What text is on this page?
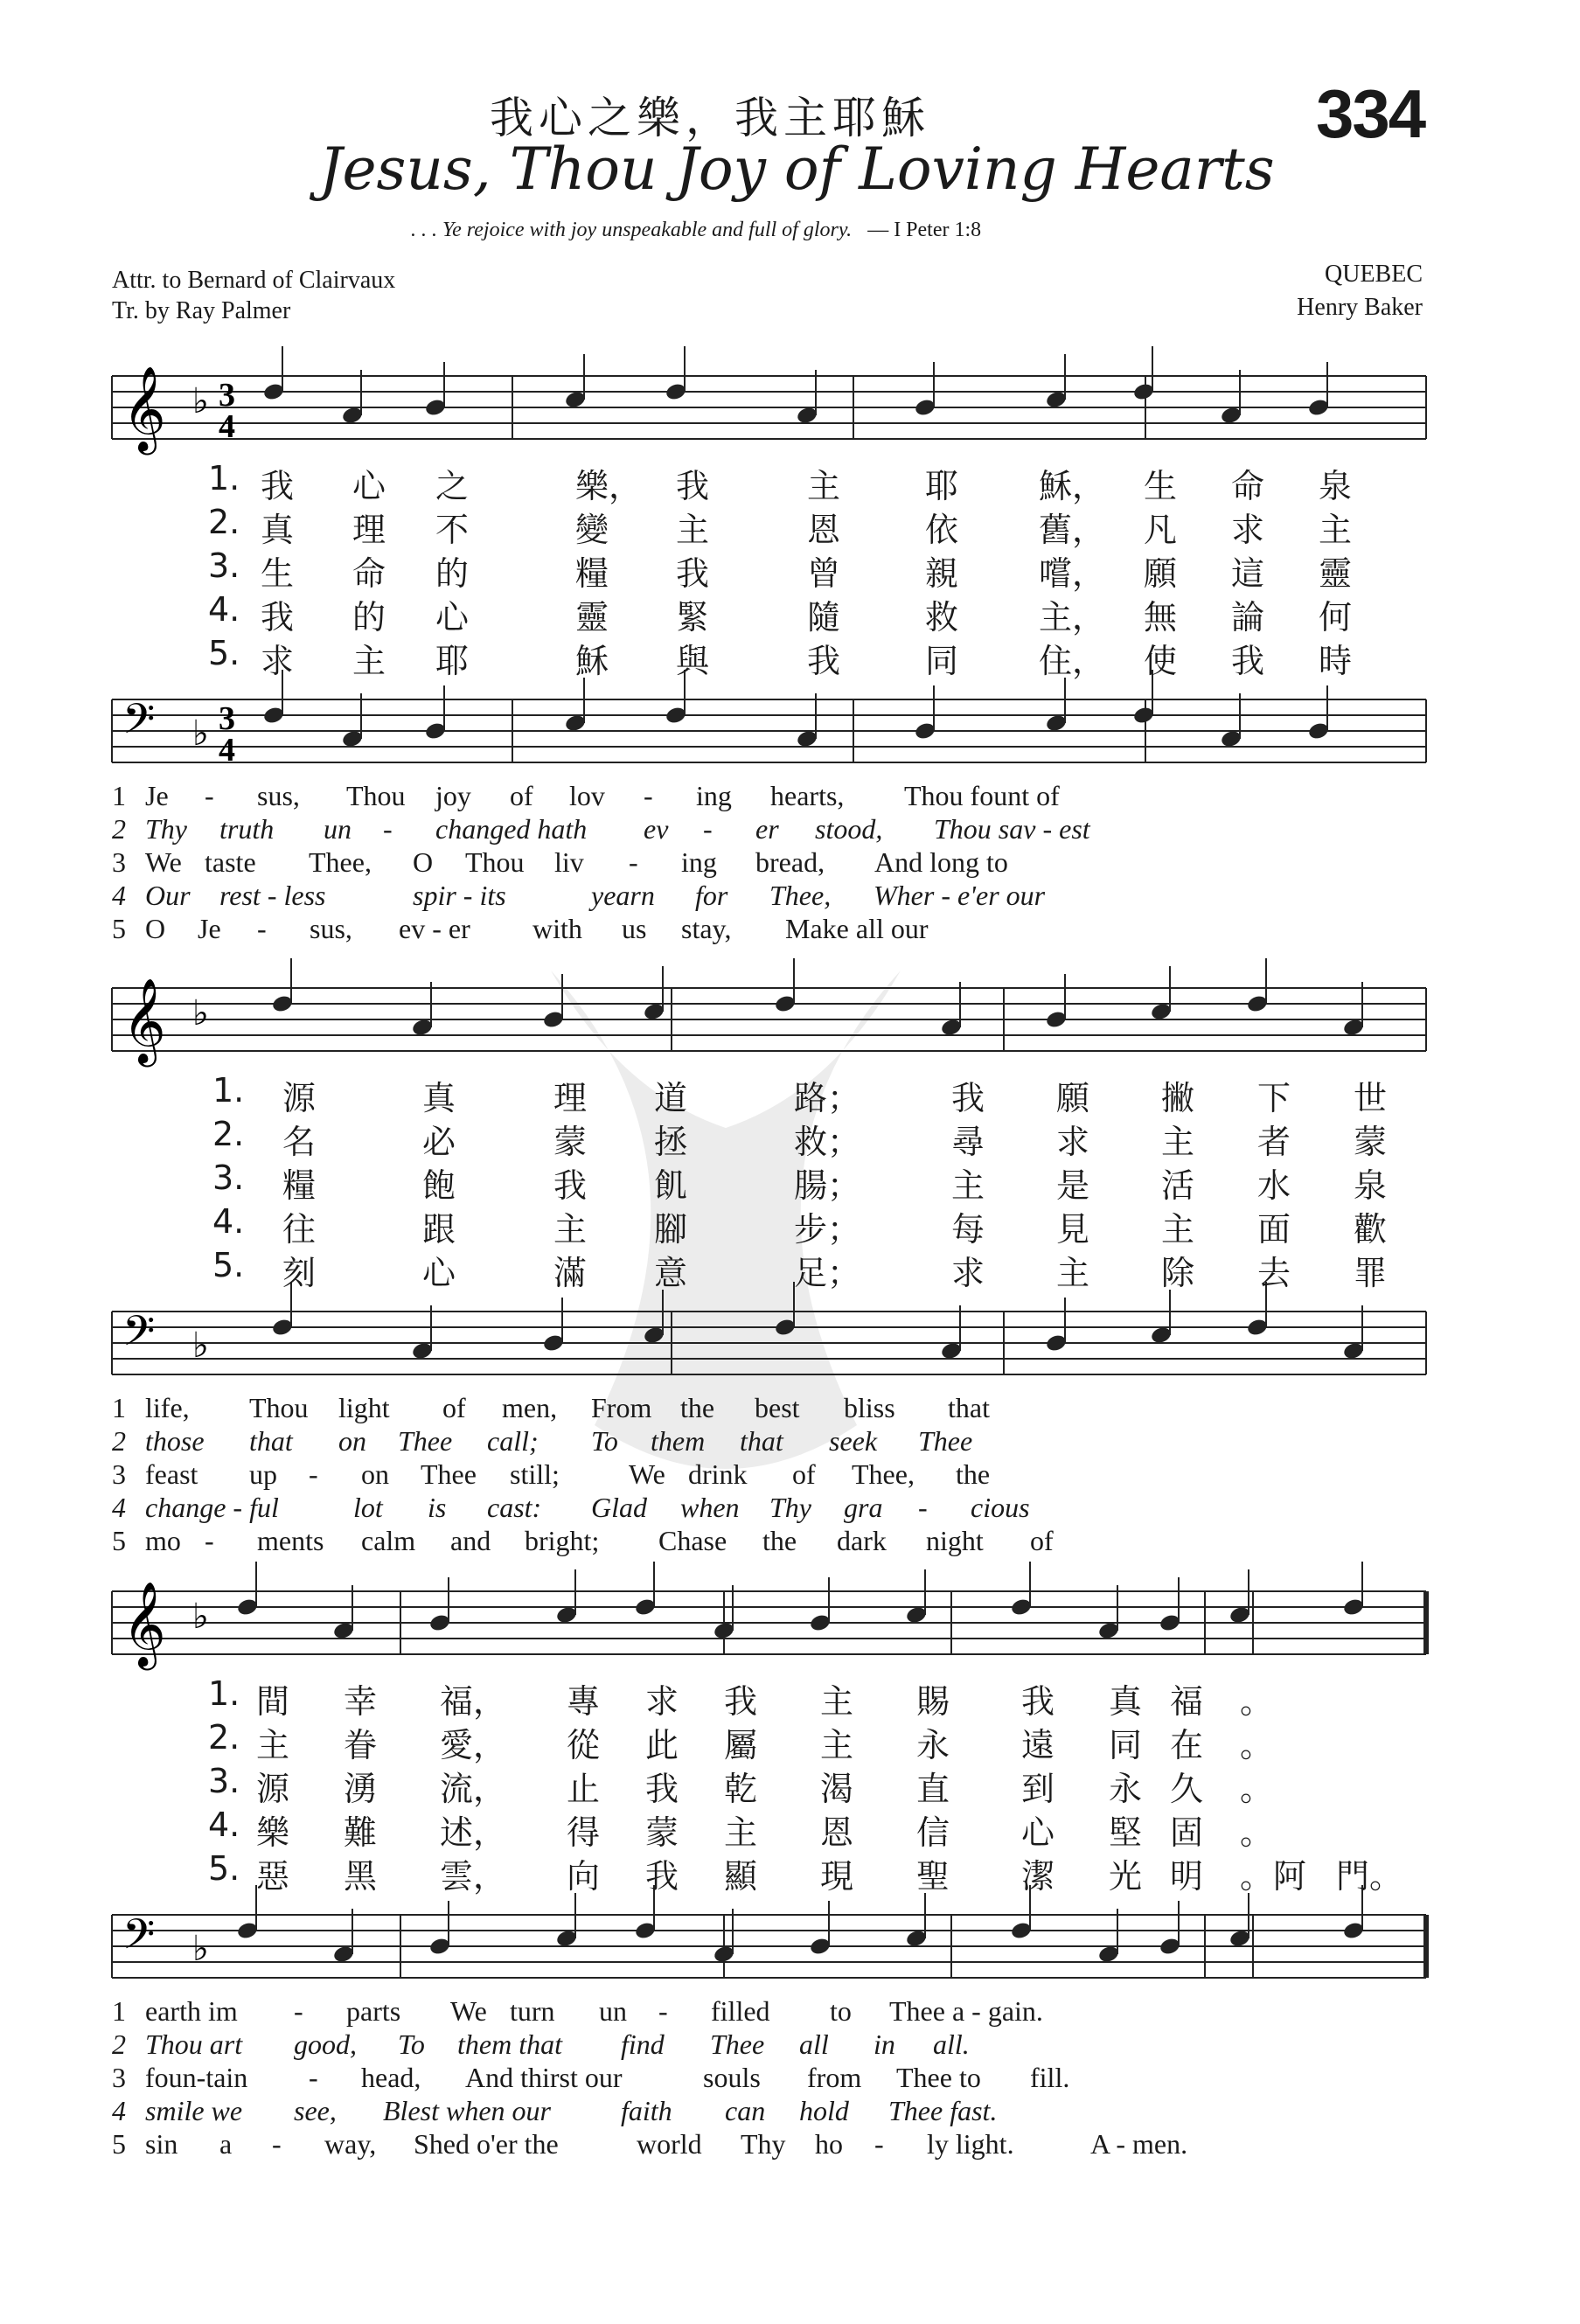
我心之樂，我主耶穌	334
Jesus, Thou Joy of Loving Hearts
. . . Ye rejoice with joy unspeakable and full of glory. — I Peter 1:8
Attr. to Bernard of Clairvaux
Tr. by Ray Palmer
QUEBEC
Henry Baker
𝄞 ♭ 3
4
𝄢 ♭ 3
4
1. 我 心 之	樂， 我	主	耶 穌， 生 命 泉
2. 真 理 不	變 主	恩	依 舊， 凡 求 主
3. 生 命 的	糧 我	曾	親 嚐， 願 這 靈
4. 我 的 心	靈 緊	隨	救 主， 無 論 何
5. 求 主 耶	穌 與	我	同 住， 使 我 時
1 Je - sus, Thou joy of lov - ing hearts, Thou fount of
2 Thy truth un - changed hath ev - er stood, Thou sav - est
3 We taste Thee, O Thou liv - ing bread, And long to
4 Our rest - less	spir - its	yearn for Thee, Wher - e'er our
5 O Je - sus, ev - er with us stay, Make all our
𝄞 ♭
𝄢 ♭
1. 源	真	理 道	路；	我 願 撇 下 世
2. 名	必	蒙 拯	救；	尋 求 主 者 蒙
3. 糧	飽	我 飢	腸；	主 是 活 水 泉
4. 往	跟	主 腳	步；	每 見 主 面 歡
5. 刻	心	滿 意	足；	求 主 除 去 罪
1 life, Thou light of men, From the best bliss that
2 those that on Thee call; To them that seek Thee
3 feast up - on Thee still; We drink of Thee, the
4 change - ful	lot is cast: Glad when Thy gra - cious
5 mo - ments calm and bright; Chase the dark night of
𝄞 ♭
𝄢 ♭
1. 間 幸 福， 專 求 我 主 賜 我 真 福 。
2. 主 眷 愛， 從 此 屬 主 永 遠 同 在 。
3. 源 湧 流， 止 我 乾 渴 直 到 永 久 。
4. 樂 難 述， 得 蒙 主 恩 信 心 堅 固 。
5. 惡 黑 雲， 向 我 顯 現 聖 潔 光 明 。阿 門。
1 earth im - parts We turn un - filled to Thee a - gain.
2 Thou art good, To them that find Thee all in all.
3 foun-tain - head, And thirst our	souls from Thee to fill.
4 smile we see, Blest when our	faith can hold Thee fast.
5 sin a - way, Shed o'er the	world Thy ho - ly light.	A - men.
